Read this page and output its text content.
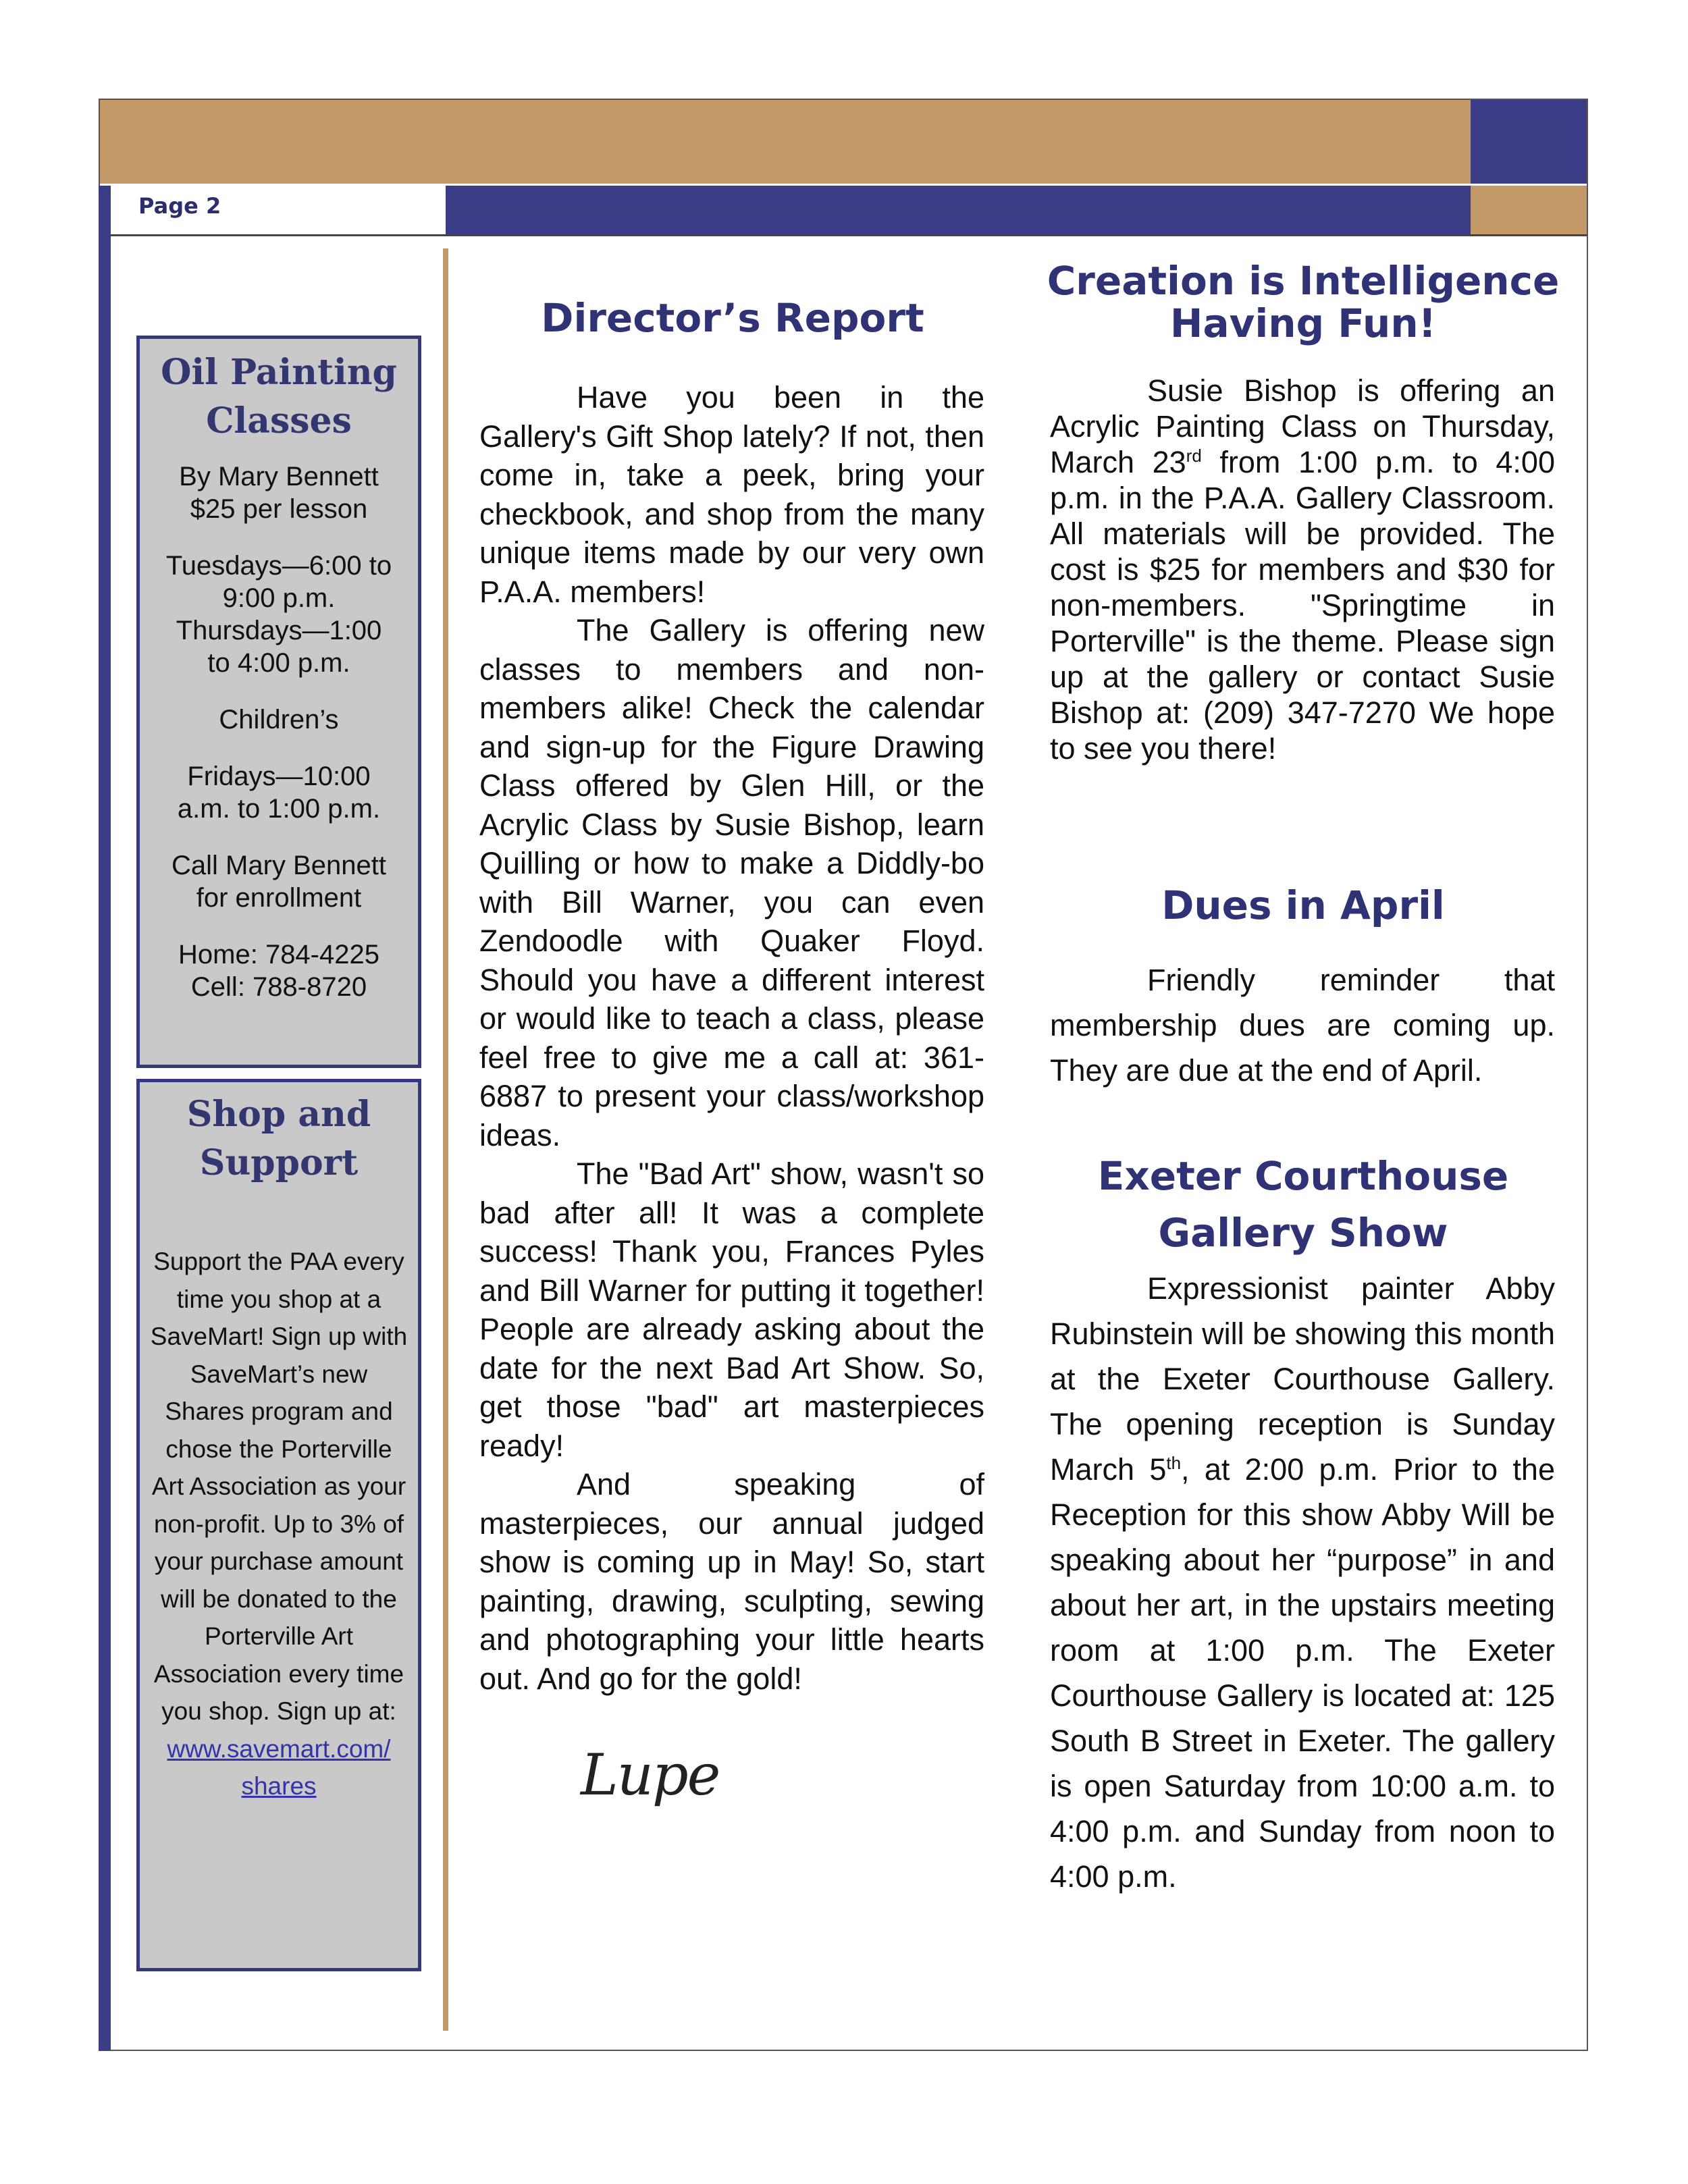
Page 2

Oil Painting

Classes

By Mary Bennett

$25 per lesson

Tuesdays—6:00 to

9:00 p.m.

Thursdays—1:00

to 4:00 p.m.

Children’s

Fridays—10:00

a.m. to 1:00 p.m.

Call Mary Bennett

for enrollment

Home: 784-4225

Cell: 788-8720

Shop and

Support

Support the PAA every time you shop at a SaveMart! Sign up with SaveMart’s new Shares program and chose the Porterville Art Association as your non-profit. Up to 3% of your purchase amount will be donated to the Porterville Art Association every time you shop. Sign up at:

www.savemart.com/
shares
Director’s Report

Have you been in the Gallery's Gift Shop lately? If not, then come in, take a peek, bring your checkbook, and shop from the many unique items made by our very own P.A.A. members!

The Gallery is offering new classes to members and non-members alike! Check the calendar and sign-up for the Figure Drawing Class offered by Glen Hill, or the Acrylic Class by Susie Bishop, learn Quilling or how to make a Diddly-bo with Bill Warner, you can even Zendoodle with Quaker Floyd. Should you have a different interest or would like to teach a class, please feel free to give me a call at: 361-6887 to present your class/workshop ideas.

The "Bad Art" show, wasn't so bad after all! It was a complete success! Thank you, Frances Pyles and Bill Warner for putting it together! People are already asking about the date for the next Bad Art Show. So, get those "bad" art masterpieces ready!

And speaking of masterpieces, our annual judged show is coming up in May! So, start painting, drawing, sculpting, sewing and photographing your little hearts out. And go for the gold!

Lupe
Creation is Intelligence
Having Fun!

Susie Bishop is offering an Acrylic Painting Class on Thursday, March 23rd from 1:00 p.m. to 4:00 p.m. in the P.A.A. Gallery Classroom. All materials will be provided. The cost is $25 for members and $30 for non-members. "Springtime in Porterville" is the theme. Please sign up at the gallery or contact Susie Bishop at: (209) 347-7270 We hope to see you there!

Dues in April

Friendly reminder that membership dues are coming up. They are due at the end of April.

Exeter Courthouse
Gallery Show

Expressionist painter Abby Rubinstein will be showing this month at the Exeter Courthouse Gallery. The opening reception is Sunday March 5th, at 2:00 p.m. Prior to the Reception for this show Abby Will be speaking about her “purpose” in and about her art, in the upstairs meeting room at 1:00 p.m. The Exeter Courthouse Gallery is located at: 125 South B Street in Exeter. The gallery is open Saturday from 10:00 a.m. to 4:00 p.m. and Sunday from noon to 4:00 p.m.
